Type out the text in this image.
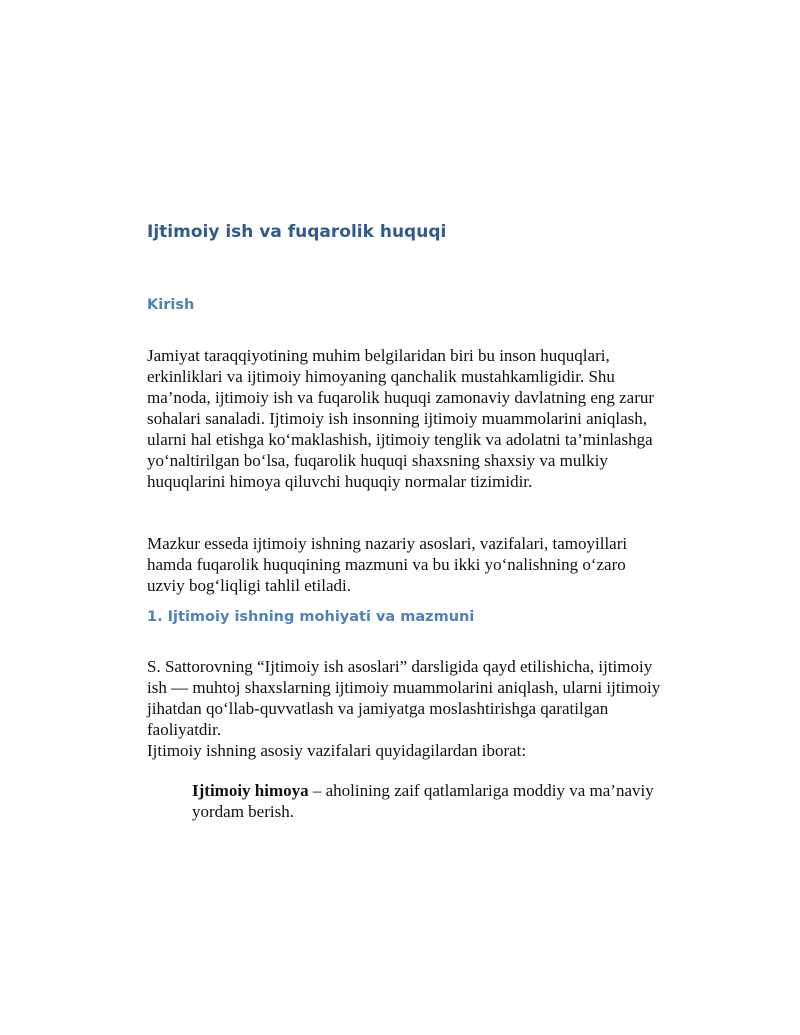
Ijtimoiy ish va fuqarolik huquqi
Kirish

Jamiyat taraqqiyotining muhim belgilaridan biri bu inson huquqlari, erkinliklari va ijtimoiy himoyaning qanchalik mustahkamligidir. Shu ma’noda, ijtimoiy ish va fuqarolik huquqi zamonaviy davlatning eng zarur sohalari sanaladi. Ijtimoiy ish insonning ijtimoiy muammolarini aniqlash, ularni hal etishga ko‘maklashish, ijtimoiy tenglik va adolatni ta’minlashga yo‘naltirilgan bo‘lsa, fuqarolik huquqi shaxsning shaxsiy va mulkiy huquqlarini himoya qiluvchi huquqiy normalar tizimidir.

Mazkur esseda ijtimoiy ishning nazariy asoslari, vazifalari, tamoyillari hamda fuqarolik huquqining mazmuni va bu ikki yo‘nalishning o‘zaro uzviy bog‘liqligi tahlil etiladi.

1. Ijtimoiy ishning mohiyati va mazmuni

S. Sattorovning “Ijtimoiy ish asoslari” darsligida qayd etilishicha, ijtimoiy ish — muhtoj shaxslarning ijtimoiy muammolarini aniqlash, ularni ijtimoiy jihatdan qo‘llab-quvvatlash va jamiyatga moslashtirishga qaratilgan faoliyatdir.

Ijtimoiy ishning asosiy vazifalari quyidagilardan iborat:

Ijtimoiy himoya – aholining zaif qatlamlariga moddiy va ma’naviy yordam berish.
